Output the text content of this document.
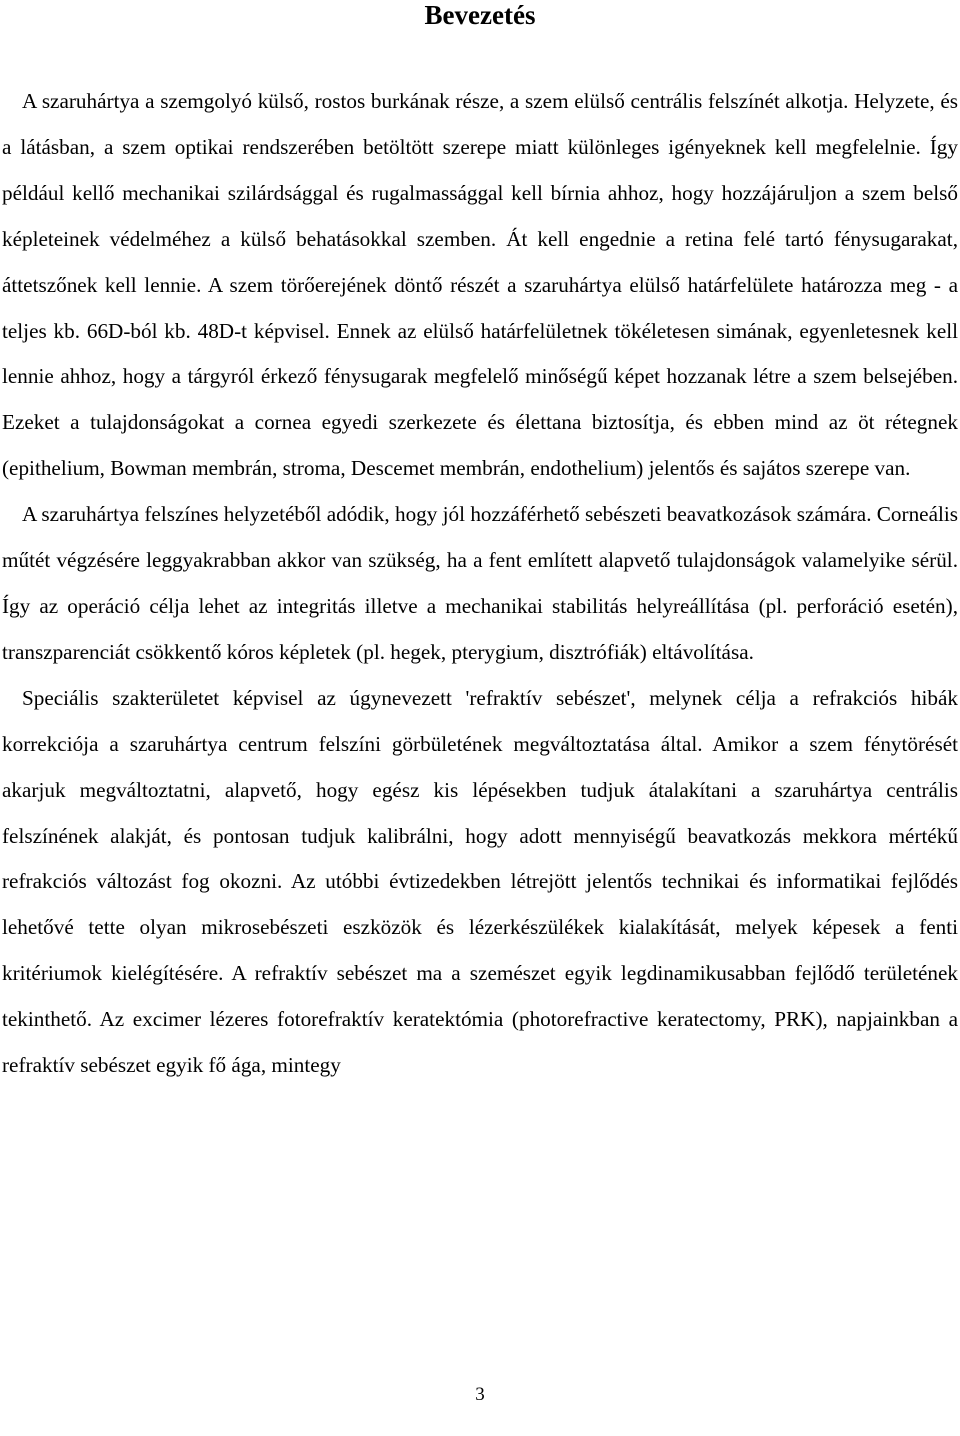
Bevezetés

A szaruhártya a szemgolyó külső, rostos burkának része, a szem elülső centrális felszínét alkotja. Helyzete, és a látásban, a szem optikai rendszerében betöltött szerepe miatt különleges igényeknek kell megfelelnie. Így például kellő mechanikai szilárdsággal és rugalmassággal kell bírnia ahhoz, hogy hozzájáruljon a szem belső képleteinek védelméhez a külső behatásokkal szemben. Át kell engednie a retina felé tartó fénysugarakat, áttetszőnek kell lennie. A szem törőerejének döntő részét a szaruhártya elülső határfelülete határozza meg - a teljes kb. 66D-ból kb. 48D-t képvisel. Ennek az elülső határfelületnek tökéletesen simának, egyenletesnek kell lennie ahhoz, hogy a tárgyról érkező fénysugarak megfelelő minőségű képet hozzanak létre a szem belsejében. Ezeket a tulajdonságokat a cornea egyedi szerkezete és élettana biztosítja, és ebben mind az öt rétegnek (epithelium, Bowman membrán, stroma, Descemet membrán, endothelium) jelentős és sajátos szerepe van.

A szaruhártya felszínes helyzetéből adódik, hogy jól hozzáférhető sebészeti beavatkozások számára. Corneális műtét végzésére leggyakrabban akkor van szükség, ha a fent említett alapvető tulajdonságok valamelyike sérül. Így az operáció célja lehet az integritás illetve a mechanikai stabilitás helyreállítása (pl. perforáció esetén), transzparenciát csökkentő kóros képletek (pl. hegek, pterygium, disztrófiák) eltávolítása.

Speciális szakterületet képvisel az úgynevezett 'refraktív sebészet', melynek célja a refrakciós hibák korrekciója a szaruhártya centrum felszíni görbületének megváltoztatása által. Amikor a szem fénytörését akarjuk megváltoztatni, alapvető, hogy egész kis lépésekben tudjuk átalakítani a szaruhártya centrális felszínének alakját, és pontosan tudjuk kalibrálni, hogy adott mennyiségű beavatkozás mekkora mértékű refrakciós változást fog okozni. Az utóbbi évtizedekben létrejött jelentős technikai és informatikai fejlődés lehetővé tette olyan mikrosebészeti eszközök és lézerkészülékek kialakítását, melyek képesek a fenti kritériumok kielégítésére. A refraktív sebészet ma a szemészet egyik legdinamikusabban fejlődő területének tekinthető. Az excimer lézeres fotorefraktív keratektómia (photorefractive keratectomy, PRK), napjainkban a refraktív sebészet egyik fő ága, mintegy

3
